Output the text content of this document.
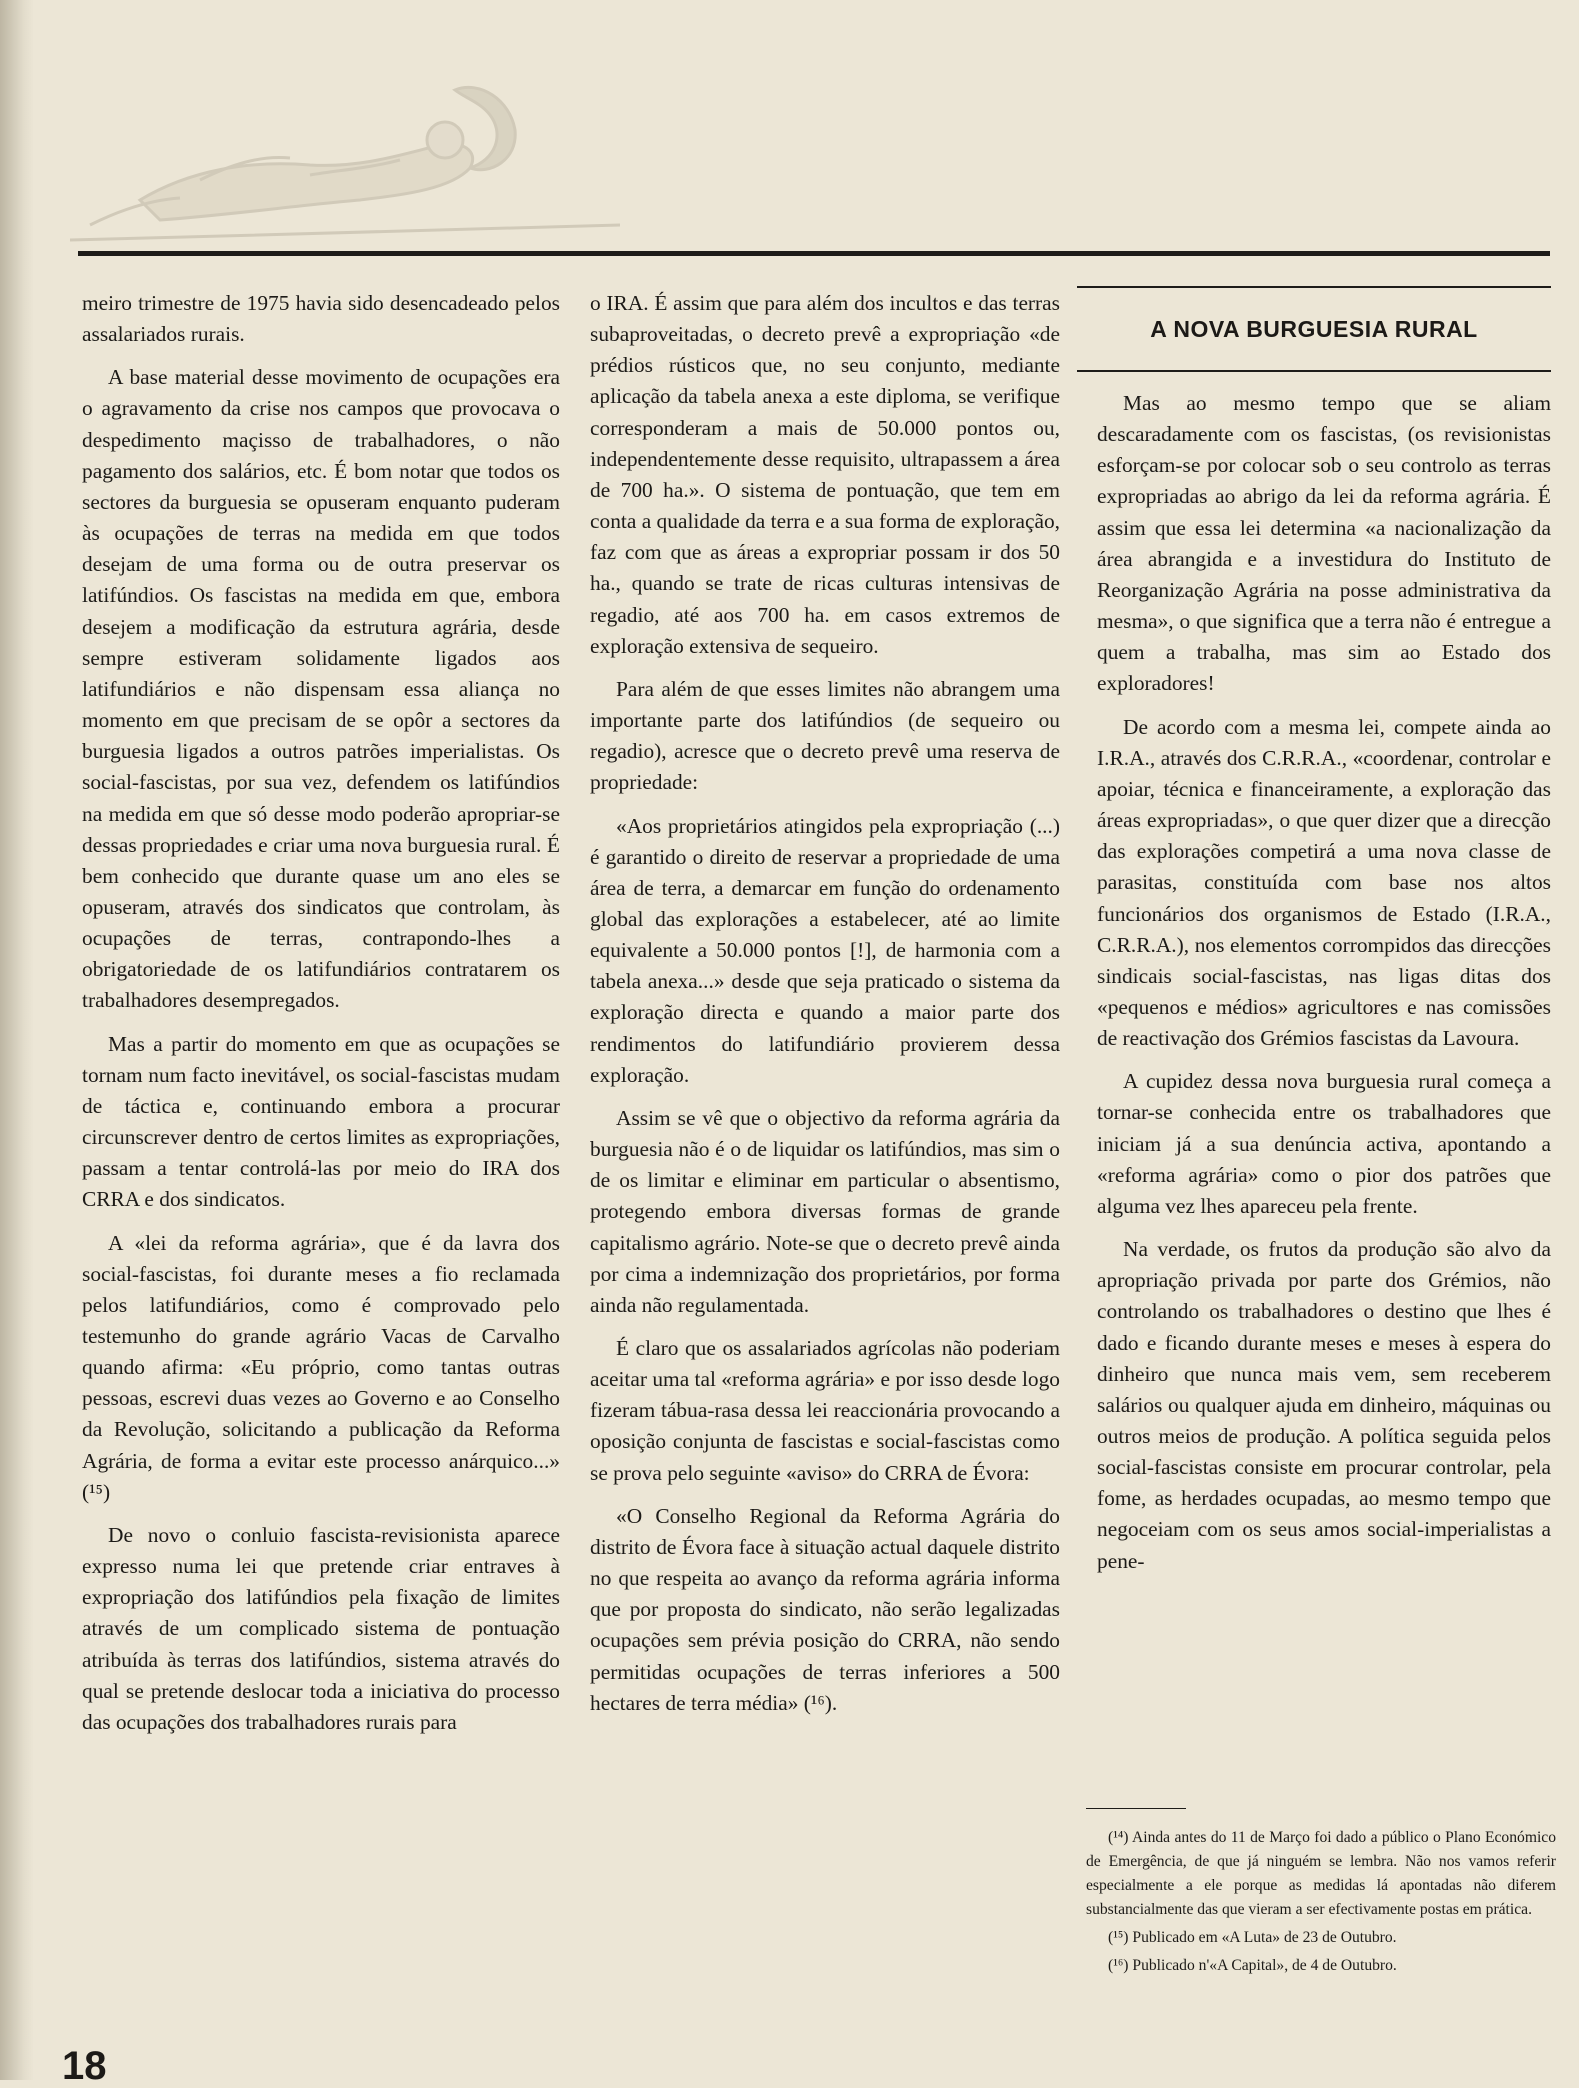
meiro trimestre de 1975 havia sido desencadeado pelos assalariados rurais.

A base material desse movimento de ocupações era o agravamento da crise nos campos que provocava o despedimento maçisso de trabalhadores, o não pagamento dos salários, etc. É bom notar que todos os sectores da burguesia se opuseram enquanto puderam às ocupações de terras na medida em que todos desejam de uma forma ou de outra preservar os latifúndios. Os fascistas na medida em que, embora desejem a modificação da estrutura agrária, desde sempre estiveram solidamente ligados aos latifundiários e não dispensam essa aliança no momento em que precisam de se opôr a sectores da burguesia ligados a outros patrões imperialistas. Os social-fascistas, por sua vez, defendem os latifúndios na medida em que só desse modo poderão apropriar-se dessas propriedades e criar uma nova burguesia rural. É bem conhecido que durante quase um ano eles se opuseram, através dos sindicatos que controlam, às ocupações de terras, contrapondo-lhes a obrigatoriedade de os latifundiários contratarem os trabalhadores desempregados.

Mas a partir do momento em que as ocupações se tornam num facto inevitável, os social-fascistas mudam de táctica e, continuando embora a procurar circunscrever dentro de certos limites as expropriações, passam a tentar controlá-las por meio do IRA dos CRRA e dos sindicatos.

A «lei da reforma agrária», que é da lavra dos social-fascistas, foi durante meses a fio reclamada pelos latifundiários, como é comprovado pelo testemunho do grande agrário Vacas de Carvalho quando afirma: «Eu próprio, como tantas outras pessoas, escrevi duas vezes ao Governo e ao Conselho da Revolução, solicitando a publicação da Reforma Agrária, de forma a evitar este processo anárquico...» (¹⁵)

De novo o conluio fascista-revisionista aparece expresso numa lei que pretende criar entraves à expropriação dos latifúndios pela fixação de limites através de um complicado sistema de pontuação atribuída às terras dos latifúndios, sistema através do qual se pretende deslocar toda a iniciativa do processo das ocupações dos trabalhadores rurais para

o IRA. É assim que para além dos incultos e das terras subaproveitadas, o decreto prevê a expropriação «de prédios rústicos que, no seu conjunto, mediante aplicação da tabela anexa a este diploma, se verifique corresponderam a mais de 50.000 pontos ou, independentemente desse requisito, ultrapassem a área de 700 ha.». O sistema de pontuação, que tem em conta a qualidade da terra e a sua forma de exploração, faz com que as áreas a expropriar possam ir dos 50 ha., quando se trate de ricas culturas intensivas de regadio, até aos 700 ha. em casos extremos de exploração extensiva de sequeiro.

Para além de que esses limites não abrangem uma importante parte dos latifúndios (de sequeiro ou regadio), acresce que o decreto prevê uma reserva de propriedade:

«Aos proprietários atingidos pela expropriação (...) é garantido o direito de reservar a propriedade de uma área de terra, a demarcar em função do ordenamento global das explorações a estabelecer, até ao limite equivalente a 50.000 pontos [!], de harmonia com a tabela anexa...» desde que seja praticado o sistema da exploração directa e quando a maior parte dos rendimentos do latifundiário provierem dessa exploração.

Assim se vê que o objectivo da reforma agrária da burguesia não é o de liquidar os latifúndios, mas sim o de os limitar e eliminar em particular o absentismo, protegendo embora diversas formas de grande capitalismo agrário. Note-se que o decreto prevê ainda por cima a indemnização dos proprietários, por forma ainda não regulamentada.

É claro que os assalariados agrícolas não poderiam aceitar uma tal «reforma agrária» e por isso desde logo fizeram tábua-rasa dessa lei reaccionária provocando a oposição conjunta de fascistas e social-fascistas como se prova pelo seguinte «aviso» do CRRA de Évora:

«O Conselho Regional da Reforma Agrária do distrito de Évora face à situação actual daquele distrito no que respeita ao avanço da reforma agrária informa que por proposta do sindicato, não serão legalizadas ocupações sem prévia posição do CRRA, não sendo permitidas ocupações de terras inferiores a 500 hectares de terra média» (¹⁶).

A NOVA BURGUESIA RURAL

Mas ao mesmo tempo que se aliam descaradamente com os fascistas, (os revisionistas esforçam-se por colocar sob o seu controlo as terras expropriadas ao abrigo da lei da reforma agrária. É assim que essa lei determina «a nacionalização da área abrangida e a investidura do Instituto de Reorganização Agrária na posse administrativa da mesma», o que significa que a terra não é entregue a quem a trabalha, mas sim ao Estado dos exploradores!

De acordo com a mesma lei, compete ainda ao I.R.A., através dos C.R.R.A., «coordenar, controlar e apoiar, técnica e financeiramente, a exploração das áreas expropriadas», o que quer dizer que a direcção das explorações competirá a uma nova classe de parasitas, constituída com base nos altos funcionários dos organismos de Estado (I.R.A., C.R.R.A.), nos elementos corrompidos das direcções sindicais social-fascistas, nas ligas ditas dos «pequenos e médios» agricultores e nas comissões de reactivação dos Grémios fascistas da Lavoura.

A cupidez dessa nova burguesia rural começa a tornar-se conhecida entre os trabalhadores que iniciam já a sua denúncia activa, apontando a «reforma agrária» como o pior dos patrões que alguma vez lhes apareceu pela frente.

Na verdade, os frutos da produção são alvo da apropriação privada por parte dos Grémios, não controlando os trabalhadores o destino que lhes é dado e ficando durante meses e meses à espera do dinheiro que nunca mais vem, sem receberem salários ou qualquer ajuda em dinheiro, máquinas ou outros meios de produção. A política seguida pelos social-fascistas consiste em procurar controlar, pela fome, as herdades ocupadas, ao mesmo tempo que negoceiam com os seus amos social-imperialistas a pene-

(¹⁴) Ainda antes do 11 de Março foi dado a público o Plano Económico de Emergência, de que já ninguém se lembra. Não nos vamos referir especialmente a ele porque as medidas lá apontadas não diferem substancialmente das que vieram a ser efectivamente postas em prática.

(¹⁵) Publicado em «A Luta» de 23 de Outubro.

(¹⁶) Publicado n'«A Capital», de 4 de Outubro.

18
